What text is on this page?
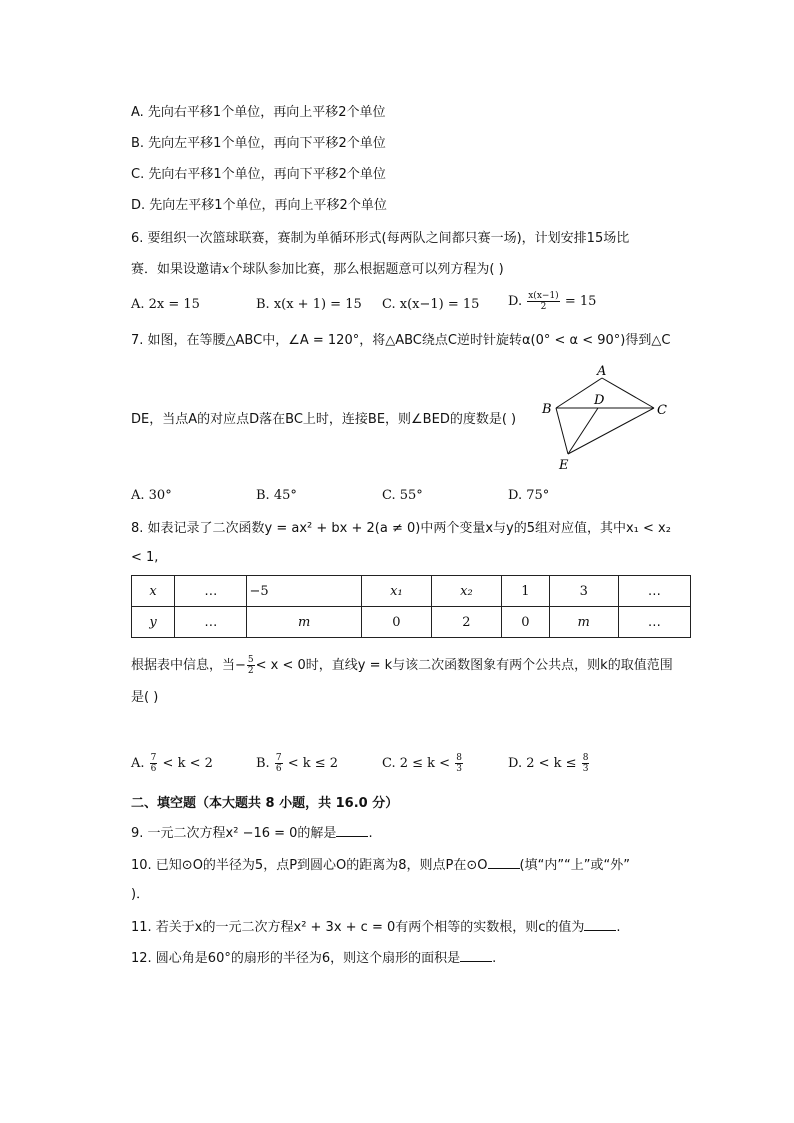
A. 先向右平移1个单位，再向上平移2个单位
B. 先向左平移1个单位，再向下平移2个单位
C. 先向右平移1个单位，再向下平移2个单位
D. 先向左平移1个单位，再向上平移2个单位
6. 要组织一次篮球联赛，赛制为单循环形式(每两队之间都只赛一场)，计划安排15场比
赛．如果设邀请x个球队参加比赛，那么根据题意可以列方程为( )
A. 2x = 15	B. x(x + 1) = 15 C. x(x−1) = 15 D. $\frac{x(x-1)}{2} = 15$
7. 如图，在等腰△ABC中，∠A = 120°，将△ABC绕点C逆时针旋转α(0° < α < 90°)得到△C
DE，当点A的对应点D落在BC上时，连接BE，则∠BED的度数是( )
A
B	C
D
E
A. 30°	B. 45°	C. 55°	D. 75°
8. 如表记录了二次函数y = ax² + bx + 2(a ≠ 0)中两个变量x与y的5组对应值，其中x₁ < x₂
< 1,
x	…	−5	x₁	x₂	1	3	…
y	…	m	0	2	0	m	…
根据表中信息，当− $\frac{5}{2} < x < 0$时，直线y = k与该二次函数图象有两个公共点，则k的取值范围
是( )
A. $\frac{7}{6} < k < 2$	B. $\frac{7}{6} < k \le 2$	C. $2 \le k < \frac{8}{3}$	D. $2 < k \le \frac{8}{3}$
二、填空题（本大题共 8 小题，共 16.0 分）
9. 一元二次方程x² −16 = 0的解是 .
10. 已知⊙O的半径为5，点P到圆心O的距离为8，则点P在⊙O (填“内”“上”或“外”
)．
11. 若关于x的一元二次方程x² + 3x + c = 0有两个相等的实数根，则c的值为 .
12. 圆心角是60°的扇形的半径为6，则这个扇形的面积是 .
